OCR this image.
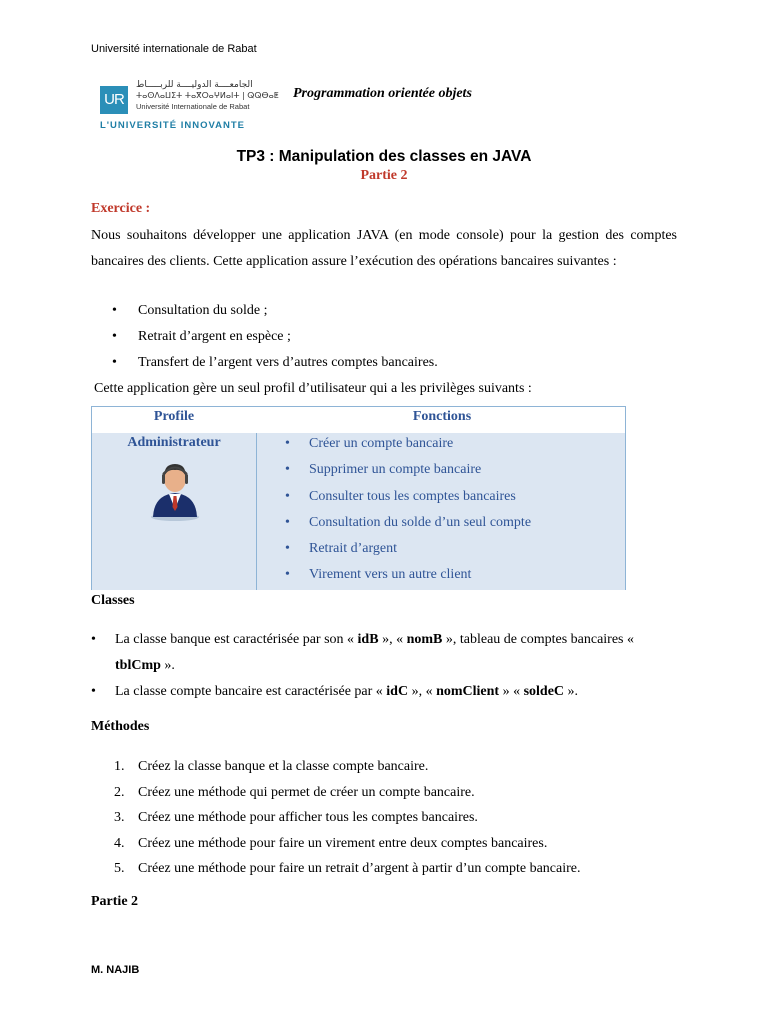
Université internationale de Rabat
UR
الجامعــــة الدوليــــة للربـــــاط
ⵜⴰⵙⴷⴰⵡⵉⵜ ⵜⴰⴳⵔⴰⵖⵍⴰⵏⵜ | ⵕⵕⴱⴰⵟ
Université Internationale de Rabat
L'UNIVERSITÉ INNOVANTE
Programmation orientée objets
TP3 : Manipulation des classes en JAVA
Partie 2
Exercice :
Nous souhaitons développer une application JAVA (en mode console) pour la gestion des comptes bancaires des clients. Cette application assure l’exécution des opérations bancaires suivantes :
•	Consultation du solde ;
•	Retrait d’argent en espèce ;
•	Transfert de l’argent vers d’autres comptes bancaires.
Cette application gère un seul profil d’utilisateur qui a les privilèges suivants :
Profile	Fonctions
Administrateur	•	Créer un compte bancaire
•	Supprimer un compte bancaire
•	Consulter tous les comptes bancaires
•	Consultation du solde d’un seul compte
•	Retrait d’argent
•	Virement vers un autre client
Classes
•	La classe banque est caractérisée par son « idB », « nomB », tableau de comptes bancaires « tblCmp ».
•	La classe compte bancaire est caractérisée par « idC », « nomClient » « soldeC ».
Méthodes
1. Créez la classe banque et la classe compte bancaire.
2. Créez une méthode qui permet de créer un compte bancaire.
3. Créez une méthode pour afficher tous les comptes bancaires.
4. Créez une méthode pour faire un virement entre deux comptes bancaires.
5. Créez une méthode pour faire un retrait d’argent à partir d’un compte bancaire.
Partie 2
M. NAJIB
